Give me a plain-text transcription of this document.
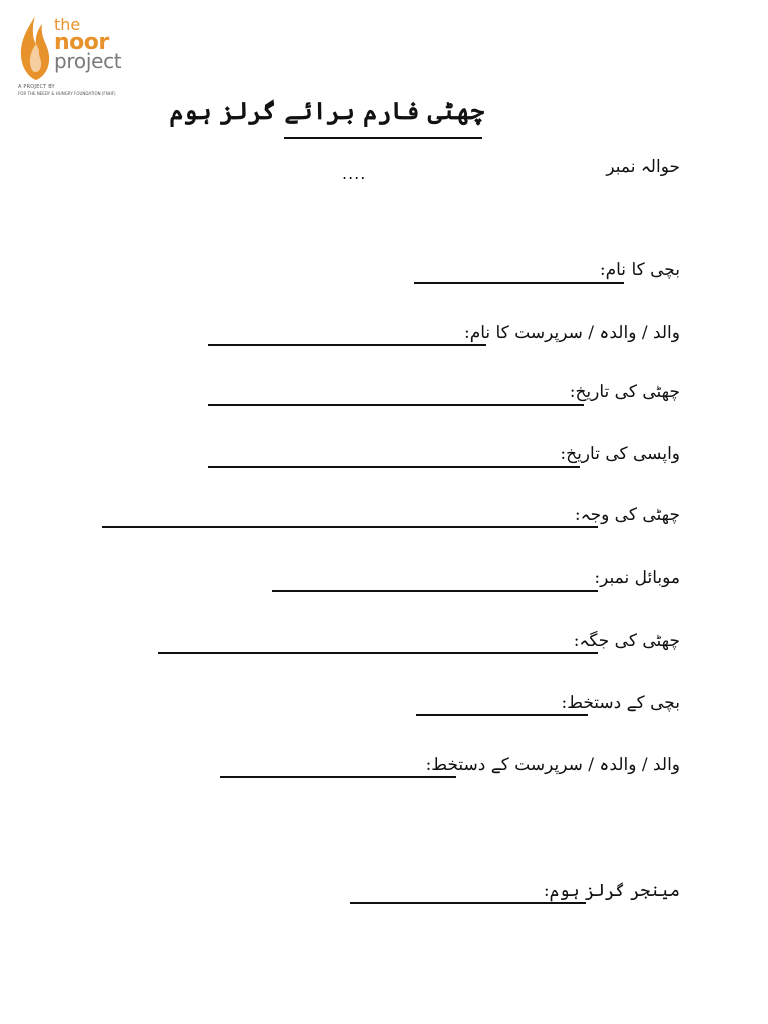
the
noor
project
A PROJECT BY
FOR THE NEEDY & HUNGRY FOUNDATION (FNHF)
چھٹی فارم برائے گرلز ہوم
حوالہ نمبر
....
بچی کا نام:
والد / والدہ / سرپرست کا نام:
چھٹی کی تاریخ:
واپسی کی تاریخ:
چھٹی کی وجہ:
موبائل نمبر:
چھٹی کی جگہ:
بچی کے دستخط:
والد / والدہ / سرپرست کے دستخط:
مینجر گرلز ہوم:
